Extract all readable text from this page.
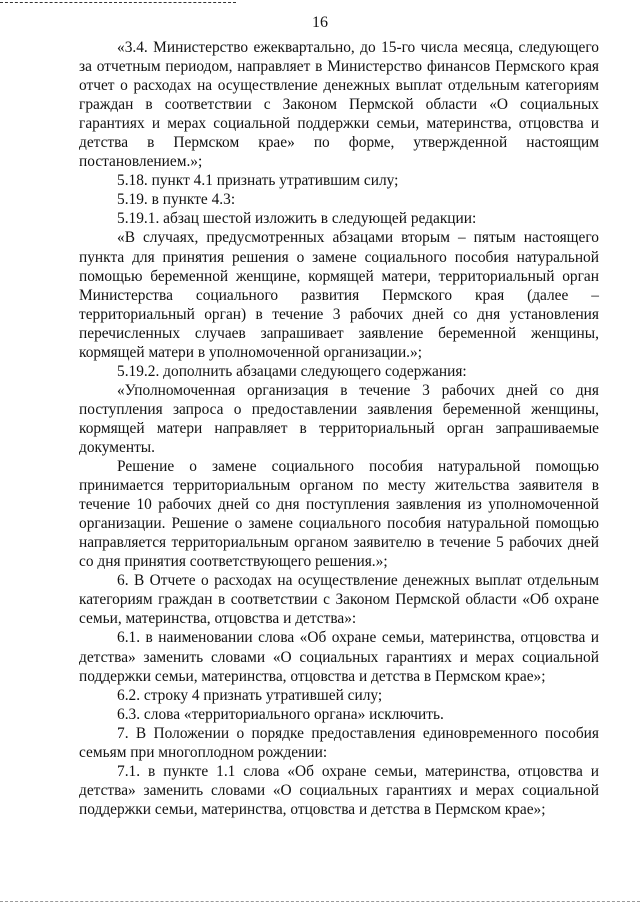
16

«3.4. Министерство ежеквартально, до 15-го числа месяца, следующего за отчетным периодом, направляет в Министерство финансов Пермского края отчет о расходах на осуществление денежных выплат отдельным категориям граждан в соответствии с Законом Пермской области «О социальных гарантиях и мерах социальной поддержки семьи, материнства, отцовства и детства в Пермском крае» по форме, утвержденной настоящим постановлением.»;

5.18. пункт 4.1 признать утратившим силу;

5.19. в пункте 4.3:

5.19.1. абзац шестой изложить в следующей редакции:

«В случаях, предусмотренных абзацами вторым – пятым настоящего пункта для принятия решения о замене социального пособия натуральной помощью беременной женщине, кормящей матери, территориальный орган Министерства социального развития Пермского края (далее – территориальный орган) в течение 3 рабочих дней со дня установления перечисленных случаев запрашивает заявление беременной женщины, кормящей матери в уполномоченной организации.»;

5.19.2. дополнить абзацами следующего содержания:

«Уполномоченная организация в течение 3 рабочих дней со дня поступления запроса о предоставлении заявления беременной женщины, кормящей матери направляет в территориальный орган запрашиваемые документы.

Решение о замене социального пособия натуральной помощью принимается территориальным органом по месту жительства заявителя в течение 10 рабочих дней со дня поступления заявления из уполномоченной организации. Решение о замене социального пособия натуральной помощью направляется территориальным органом заявителю в течение 5 рабочих дней со дня принятия соответствующего решения.»;

6. В Отчете о расходах на осуществление денежных выплат отдельным категориям граждан в соответствии с Законом Пермской области «Об охране семьи, материнства, отцовства и детства»:

6.1. в наименовании слова «Об охране семьи, материнства, отцовства и детства» заменить словами «О социальных гарантиях и мерах социальной поддержки семьи, материнства, отцовства и детства в Пермском крае»;

6.2. строку 4 признать утратившей силу;

6.3. слова «территориального органа» исключить.

7. В Положении о порядке предоставления единовременного пособия семьям при многоплодном рождении:

7.1. в пункте 1.1 слова «Об охране семьи, материнства, отцовства и детства» заменить словами «О социальных гарантиях и мерах социальной поддержки семьи, материнства, отцовства и детства в Пермском крае»;
